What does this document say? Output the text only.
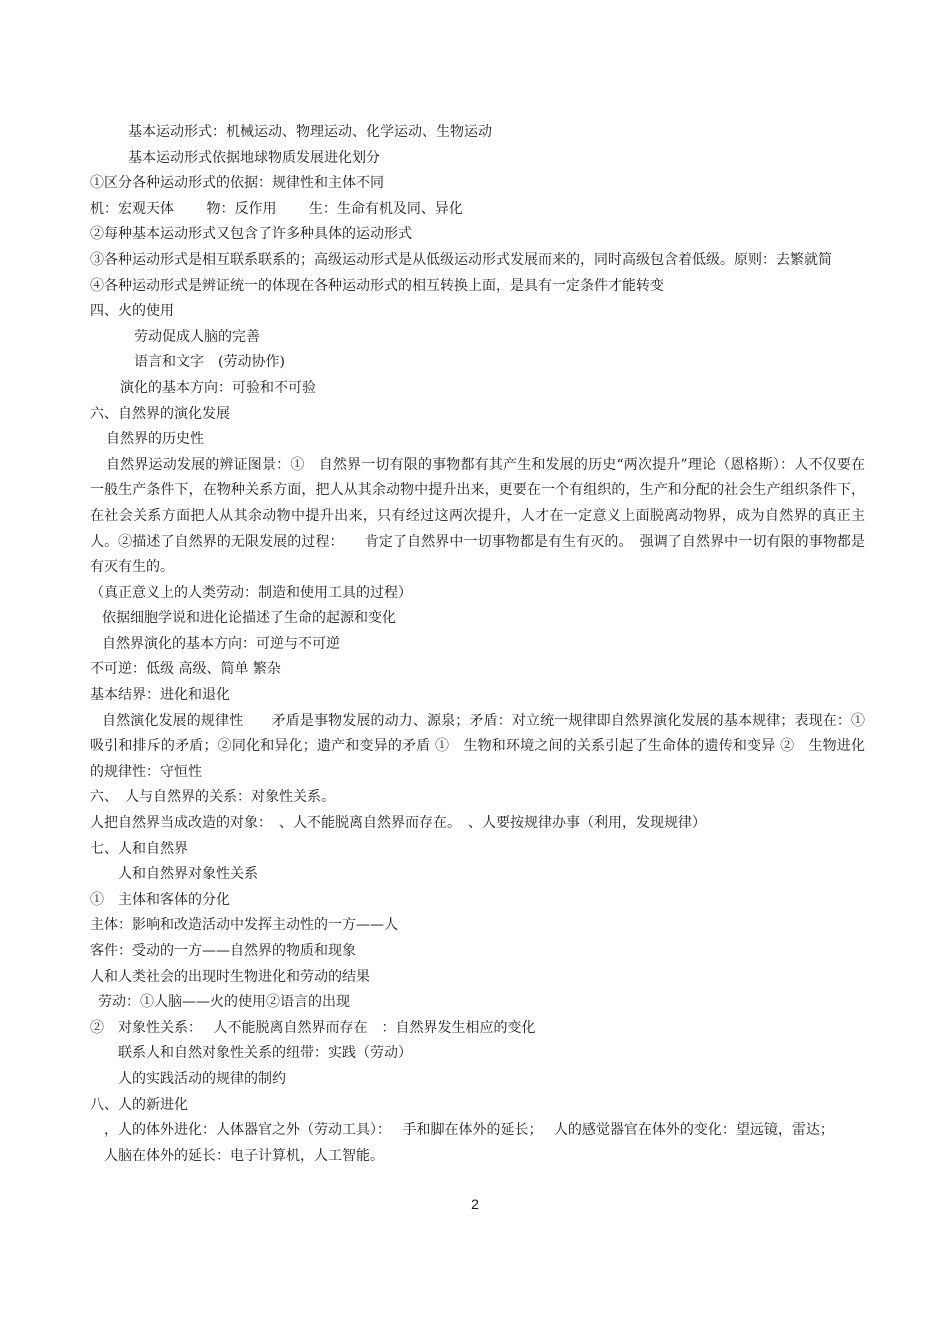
基本运动形式：机械运动、物理运动、化学运动、生物运动
基本运动形式依据地球物质发展进化划分
①区分各种运动形式的依据：规律性和主体不同
机：宏观天体　　 物：反作用　　 生：生命有机及同、异化
②每种基本运动形式又包含了许多种具体的运动形式
③各种运动形式是相互联系联系的；高级运动形式是从低级运动形式发展而来的，同时高级包含着低级。原则：去繁就简
④各种运动形式是辨证统一的体现在各种运动形式的相互转换上面，是具有一定条件才能转变
四、火的使用
劳动促成人脑的完善
语言和文字　(劳动协作)
演化的基本方向：可验和不可验
六、自然界的演化发展
自然界的历史性
自然界运动发展的辨证图景：①　自然界一切有限的事物都有其产生和发展的历史“两次提升”理论（恩格斯）：人不仅要在一般生产条件下，在物种关系方面，把人从其余动物中提升出来，更要在一个有组织的，生产和分配的社会生产组织条件下，在社会关系方面把人从其余动物中提升出来，只有经过这两次提升，人才在一定意义上面脱离动物界，成为自然界的真正主人。②描述了自然界的无限发展的过程：　　肯定了自然界中一切事物都是有生有灭的。　强调了自然界中一切有限的事物都是有灭有生的。
（真正意义上的人类劳动：制造和使用工具的过程）
依据细胞学说和进化论描述了生命的起源和变化
自然界演化的基本方向：可逆与不可逆
不可逆：低级 高级、简单 繁杂
基本结界：进化和退化
自然演化发展的规律性　　矛盾是事物发展的动力、源泉；矛盾：对立统一规律即自然界演化发展的基本规律；表现在：①吸引和排斥的矛盾；②同化和异化；遗产和变异的矛盾 ①　生物和环境之间的关系引起了生命体的遗传和变异 ②　生物进化的规律性：守恒性
六、　人与自然界的关系：对象性关系。
人把自然界当成改造的对象：　、人不能脱离自然界而存在。　、人要按规律办事（利用，发现规律）
七、人和自然界
人和自然界对象性关系
①　主体和客体的分化
主体：影响和改造活动中发挥主动性的一方——人
客件：受动的一方——自然界的物质和现象
人和人类社会的出现时生物进化和劳动的结果
劳动：①人脑——火的使用②语言的出现
②　对象性关系：　 人不能脱离自然界而存在　：自然界发生相应的变化
联系人和自然对象性关系的纽带：实践（劳动）
人的实践活动的规律的制约
八、人的新进化
，人的体外进化：人体器官之外（劳动工具）：　 手和脚在体外的延长；　 人的感觉器官在体外的变化：望远镜，雷达；
人脑在体外的延长：电子计算机，人工智能。
2
